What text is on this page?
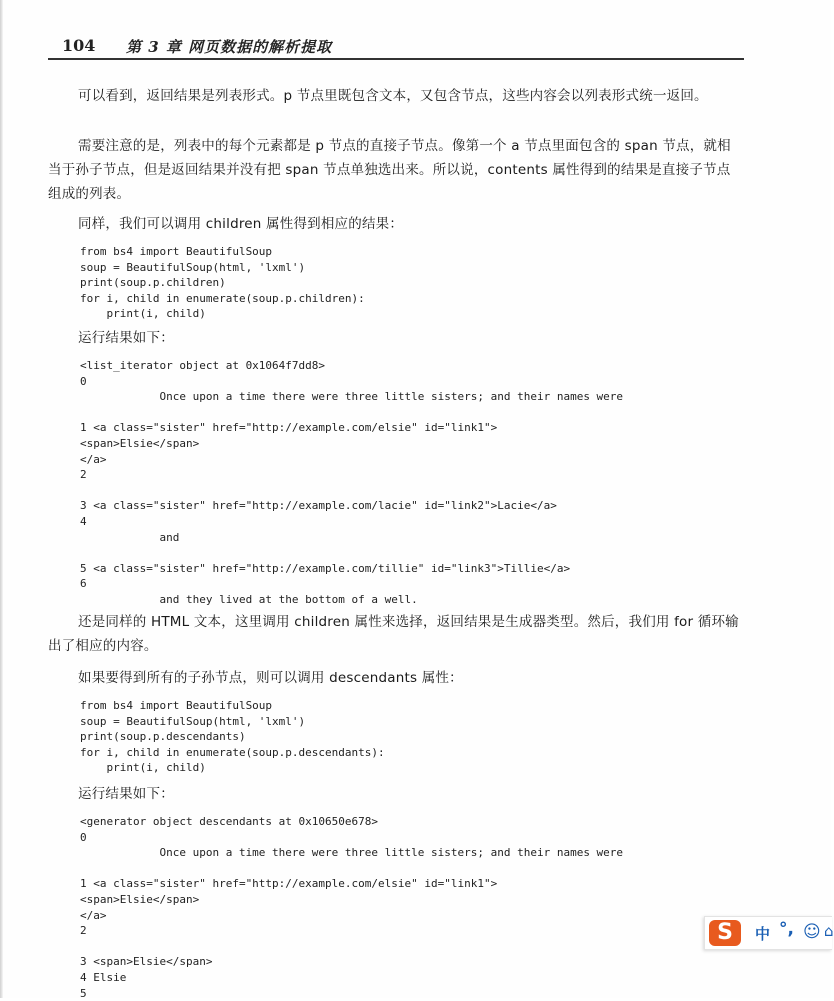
104 第 3 章 网页数据的解析提取
可以看到，返回结果是列表形式。p 节点里既包含文本，又包含节点，这些内容会以列表形式统一返回。
需要注意的是，列表中的每个元素都是 p 节点的直接子节点。像第一个 a 节点里面包含的 span 节点，就相当于孙子节点，但是返回结果并没有把 span 节点单独选出来。所以说，contents 属性得到的结果是直接子节点组成的列表。
同样，我们可以调用 children 属性得到相应的结果：
from bs4 import BeautifulSoup
soup = BeautifulSoup(html, 'lxml')
print(soup.p.children)
for i, child in enumerate(soup.p.children):
print(i, child)
运行结果如下：
<list_iterator object at 0x1064f7dd8>
0
Once upon a time there were three little sisters; and their names were
1 <a class="sister" href="http://example.com/elsie" id="link1">
<span>Elsie</span>
</a>
2
3 <a class="sister" href="http://example.com/lacie" id="link2">Lacie</a>
4
and
5 <a class="sister" href="http://example.com/tillie" id="link3">Tillie</a>
6
and they lived at the bottom of a well.
还是同样的 HTML 文本，这里调用 children 属性来选择，返回结果是生成器类型。然后，我们用 for 循环输出了相应的内容。
如果要得到所有的子孙节点，则可以调用 descendants 属性：
from bs4 import BeautifulSoup
soup = BeautifulSoup(html, 'lxml')
print(soup.p.descendants)
for i, child in enumerate(soup.p.descendants):
print(i, child)
运行结果如下：
<generator object descendants at 0x10650e678>
0
Once upon a time there were three little sisters; and their names were
1 <a class="sister" href="http://example.com/elsie" id="link1">
<span>Elsie</span>
</a>
2
3 <span>Elsie</span>
4 Elsie
5
S	中 °, ☺ ⌂
